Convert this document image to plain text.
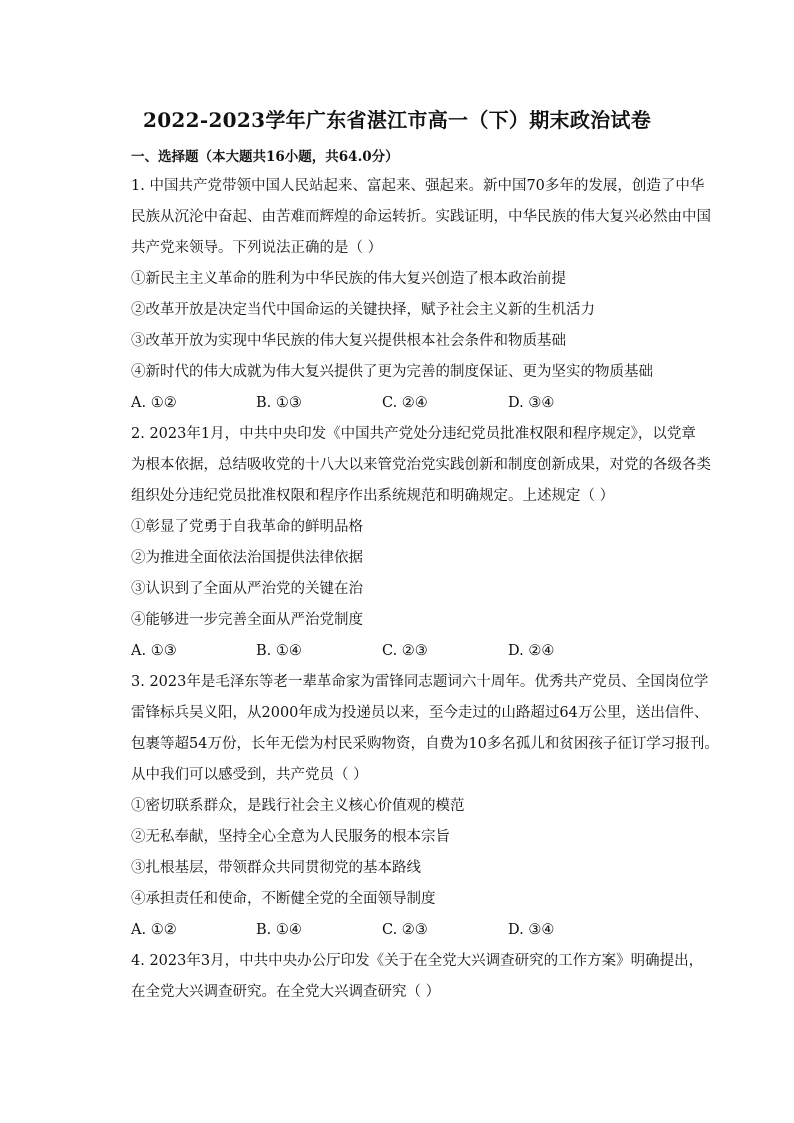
2022-2023学年广东省湛江市高一（下）期末政治试卷
一、选择题（本大题共16小题，共64.0分）
1. 中国共产党带领中国人民站起来、富起来、强起来。新中国70多年的发展，创造了中华
民族从沉沦中奋起、由苦难而辉煌的命运转折。实践证明，中华民族的伟大复兴必然由中国
共产党来领导。下列说法正确的是（ ）
①新民主主义革命的胜利为中华民族的伟大复兴创造了根本政治前提
②改革开放是决定当代中国命运的关键抉择，赋予社会主义新的生机活力
③改革开放为实现中华民族的伟大复兴提供根本社会条件和物质基础
④新时代的伟大成就为伟大复兴提供了更为完善的制度保证、更为坚实的物质基础
A. ①②	B. ①③	C. ②④	D. ③④
2. 2023年1月，中共中央印发《中国共产党处分违纪党员批准权限和程序规定》，以党章
为根本依据，总结吸收党的十八大以来管党治党实践创新和制度创新成果，对党的各级各类
组织处分违纪党员批准权限和程序作出系统规范和明确规定。上述规定（ ）
①彰显了党勇于自我革命的鲜明品格
②为推进全面依法治国提供法律依据
③认识到了全面从严治党的关键在治
④能够进一步完善全面从严治党制度
A. ①③	B. ①④	C. ②③	D. ②④
3. 2023年是毛泽东等老一辈革命家为雷锋同志题词六十周年。优秀共产党员、全国岗位学
雷锋标兵吴义阳，从2000年成为投递员以来，至今走过的山路超过64万公里，送出信件、
包裹等超54万份，长年无偿为村民采购物资，自费为10多名孤儿和贫困孩子征订学习报刊。
从中我们可以感受到，共产党员（ ）
①密切联系群众，是践行社会主义核心价值观的模范
②无私奉献，坚持全心全意为人民服务的根本宗旨
③扎根基层，带领群众共同贯彻党的基本路线
④承担责任和使命，不断健全党的全面领导制度
A. ①②	B. ①④	C. ②③	D. ③④
4. 2023年3月，中共中央办公厅印发《关于在全党大兴调查研究的工作方案》明确提出，
在全党大兴调查研究。在全党大兴调查研究（ ）
